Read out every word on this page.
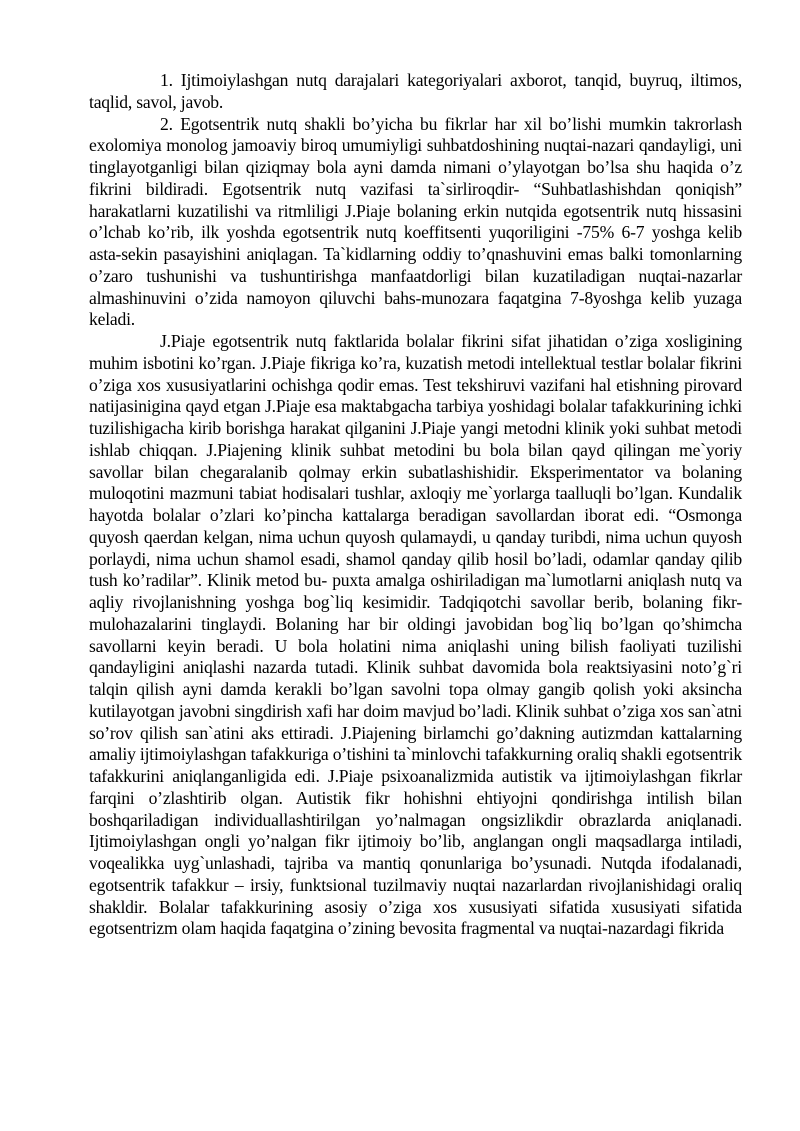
1. Ijtimoiylashgan nutq darajalari kategoriyalari axborot, tanqid, buyruq, iltimos, taqlid, savol, javob.

2. Egotsentrik nutq shakli bo’yicha bu fikrlar har xil bo’lishi mumkin takrorlash exolomiya monolog jamoaviy biroq umumiyligi suhbatdoshining nuqtai-nazari qandayligi, uni tinglayotganligi bilan qiziqmay bola ayni damda nimani o’ylayotgan bo’lsa shu haqida o’z fikrini bildiradi. Egotsentrik nutq vazifasi ta`sirliroqdir- “Suhbatlashishdan qoniqish” harakatlarni kuzatilishi va ritmliligi J.Piaje bolaning erkin nutqida egotsentrik nutq hissasini o’lchab ko’rib, ilk yoshda egotsentrik nutq koeffitsenti yuqoriligini -75% 6-7 yoshga kelib asta-sekin pasayishini aniqlagan. Ta`kidlarning oddiy to’qnashuvini emas balki tomonlarning o’zaro tushunishi va tushuntirishga manfaatdorligi bilan kuzatiladigan nuqtai-nazarlar almashinuvini o’zida namoyon qiluvchi bahs-munozara faqatgina 7-8yoshga kelib yuzaga keladi.

J.Piaje egotsentrik nutq faktlarida bolalar fikrini sifat jihatidan o’ziga xosligining muhim isbotini ko’rgan. J.Piaje fikriga ko’ra, kuzatish metodi intellektual testlar bolalar fikrini o’ziga xos xususiyatlarini ochishga qodir emas. Test tekshiruvi vazifani hal etishning pirovard natijasinigina qayd etgan J.Piaje esa maktabgacha tarbiya yoshidagi bolalar tafakkurining ichki tuzilishigacha kirib borishga harakat qilganini J.Piaje yangi metodni klinik yoki suhbat metodi ishlab chiqqan. J.Piajening klinik suhbat metodini bu bola bilan qayd qilingan me`yoriy savollar bilan chegaralanib qolmay erkin subatlashishidir. Eksperimentator va bolaning muloqotini mazmuni tabiat hodisalari tushlar, axloqiy me`yorlarga taalluqli bo’lgan. Kundalik hayotda bolalar o’zlari ko’pincha kattalarga beradigan savollardan iborat edi. “Osmonga quyosh qaerdan kelgan, nima uchun quyosh qulamaydi, u qanday turibdi, nima uchun quyosh porlaydi, nima uchun shamol esadi, shamol qanday qilib hosil bo’ladi, odamlar qanday qilib tush ko’radilar”. Klinik metod bu- puxta amalga oshiriladigan ma`lumotlarni aniqlash nutq va aqliy rivojlanishning yoshga bog`liq kesimidir. Tadqiqotchi savollar berib, bolaning fikr-mulohazalarini tinglaydi. Bolaning har bir oldingi javobidan bog`liq bo’lgan qo’shimcha savollarni keyin beradi. U bola holatini nima aniqlashi uning bilish faoliyati tuzilishi qandayligini aniqlashi nazarda tutadi. Klinik suhbat davomida bola reaktsiyasini noto’g`ri talqin qilish ayni damda kerakli bo’lgan savolni topa olmay gangib qolish yoki aksincha kutilayotgan javobni singdirish xafi har doim mavjud bo’ladi. Klinik suhbat o’ziga xos san`atni so’rov qilish san`atini aks ettiradi. J.Piajening birlamchi go’dakning autizmdan kattalarning amaliy ijtimoiylashgan tafakkuriga o’tishini ta`minlovchi tafakkurning oraliq shakli egotsentrik tafakkurini aniqlanganligida edi. J.Piaje psixoanalizmida autistik va ijtimoiylashgan fikrlar farqini o’zlashtirib olgan. Autistik fikr hohishni ehtiyojni qondirishga intilish bilan boshqariladigan individuallashtirilgan yo’nalmagan ongsizlikdir obrazlarda aniqlanadi. Ijtimoiylashgan ongli yo’nalgan fikr ijtimoiy bo’lib, anglangan ongli maqsadlarga intiladi, voqealikka uyg`unlashadi, tajriba va mantiq qonunlariga bo’ysunadi. Nutqda ifodalanadi, egotsentrik tafakkur – irsiy, funktsional tuzilmaviy nuqtai nazarlardan rivojlanishidagi oraliq shakldir. Bolalar tafakkurining asosiy o’ziga xos xususiyati sifatida xususiyati sifatida egotsentrizm olam haqida faqatgina o’zining bevosita fragmental va nuqtai-nazardagi fikrida
